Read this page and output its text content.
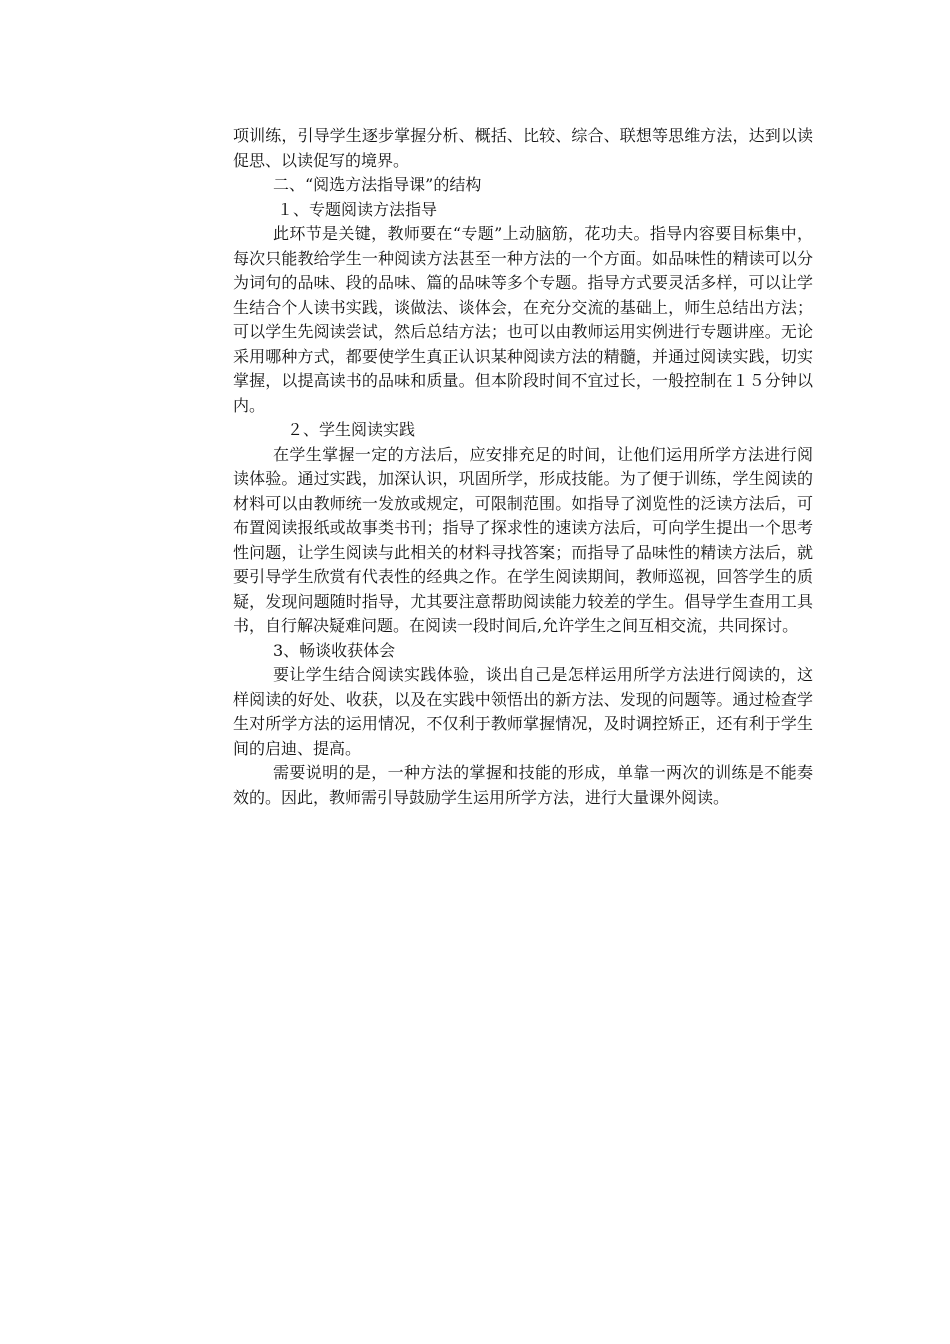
项训练，引导学生逐步掌握分析、概括、比较、综合、联想等思维方法，达到以读促思、以读促写的境界。

二、“阅选方法指导课”的结构

１、专题阅读方法指导

此环节是关键，教师要在“专题”上动脑筋，花功夫。指导内容要目标集中，每次只能教给学生一种阅读方法甚至一种方法的一个方面。如品味性的精读可以分为词句的品味、段的品味、篇的品味等多个专题。指导方式要灵活多样，可以让学生结合个人读书实践，谈做法、谈体会，在充分交流的基础上，师生总结出方法；可以学生先阅读尝试，然后总结方法；也可以由教师运用实例进行专题讲座。无论采用哪种方式，都要使学生真正认识某种阅读方法的精髓，并通过阅读实践，切实掌握，以提高读书的品味和质量。但本阶段时间不宜过长，一般控制在１５分钟以内。

２、学生阅读实践

在学生掌握一定的方法后，应安排充足的时间，让他们运用所学方法进行阅读体验。通过实践，加深认识，巩固所学，形成技能。为了便于训练，学生阅读的材料可以由教师统一发放或规定，可限制范围。如指导了浏览性的泛读方法后，可布置阅读报纸或故事类书刊；指导了探求性的速读方法后，可向学生提出一个思考性问题，让学生阅读与此相关的材料寻找答案；而指导了品味性的精读方法后，就要引导学生欣赏有代表性的经典之作。在学生阅读期间，教师巡视，回答学生的质疑，发现问题随时指导，尤其要注意帮助阅读能力较差的学生。倡导学生查用工具书，自行解决疑难问题。在阅读一段时间后,允许学生之间互相交流，共同探讨。

3、畅谈收获体会

要让学生结合阅读实践体验，谈出自己是怎样运用所学方法进行阅读的，这样阅读的好处、收获，以及在实践中领悟出的新方法、发现的问题等。通过检查学生对所学方法的运用情况，不仅利于教师掌握情况，及时调控矫正，还有利于学生间的启迪、提高。

需要说明的是，一种方法的掌握和技能的形成，单靠一两次的训练是不能奏效的。因此，教师需引导鼓励学生运用所学方法，进行大量课外阅读。
